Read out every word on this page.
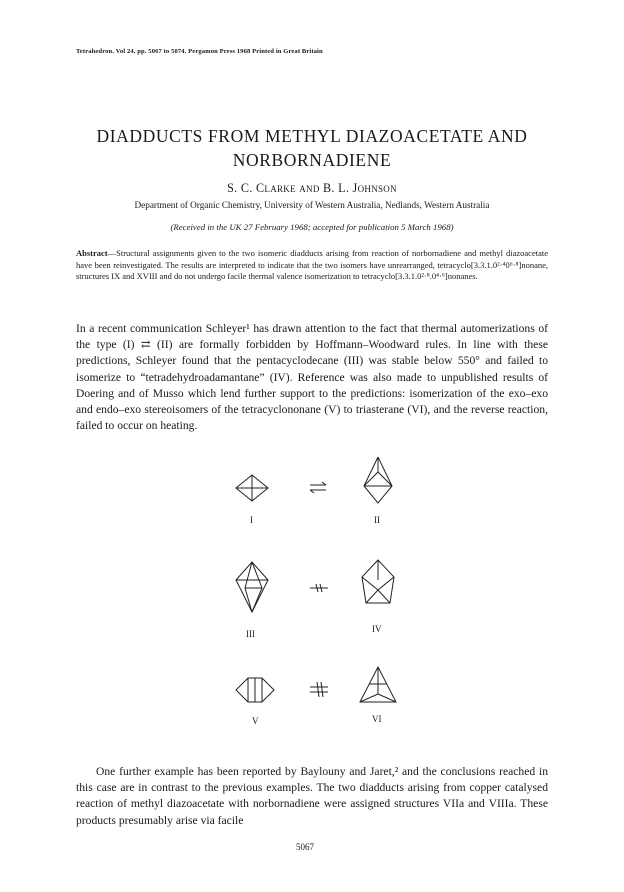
Tetrahedron. Vol 24, pp. 5067 to 5074. Pergamon Press 1968 Printed in Great Britain
DIADDUCTS FROM METHYL DIAZOACETATE AND
NORBORNADIENE
S. C. Clarke and B. L. Johnson
Department of Organic Chemistry, University of Western Australia, Nedlands, Western Australia
(Received in the UK 27 February 1968; accepted for publication 5 March 1968)
Abstract—Structural assignments given to the two isomeric diadducts arising from reaction of norbornadiene and methyl diazoacetate have been reinvestigated. The results are interpreted to indicate that the two isomers have unrearranged, tetracyclo[3.3.1.0²·⁴0⁶·⁸]nonane, structures IX and XVIII and do not undergo facile thermal valence isomerization to tetracyclo[3.3.1.0²·⁸.0⁴·⁶]nonanes.
In a recent communication Schleyer¹ has drawn attention to the fact that thermal automerizations of the type (I) ⇄ (II) are formally forbidden by Hoffmann–Woodward rules. In line with these predictions, Schleyer found that the pentacyclodecane (III) was stable below 550° and failed to isomerize to “tetradehydroadamantane” (IV). Reference was also made to unpublished results of Doering and of Musso which lend further support to the predictions: isomerization of the exo–exo and endo–exo stereoisomers of the tetracyclononane (V) to triasterane (VI), and the reverse reaction, failed to occur on heating.
I	II
III	IV
V	VI
One further example has been reported by Baylouny and Jaret,² and the conclusions reached in this case are in contrast to the previous examples. The two diadducts arising from copper catalysed reaction of methyl diazoacetate with norbornadiene were assigned structures VIIa and VIIIa. These products presumably arise via facile
5067
